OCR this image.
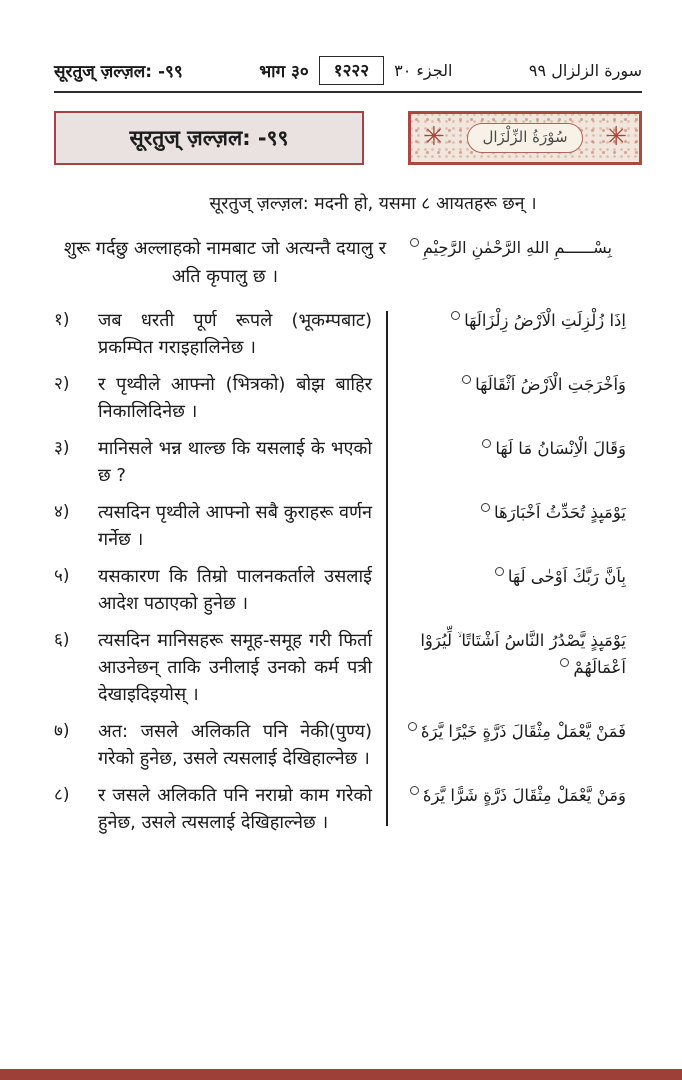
सूरतुज् ज़ल्ज़ल: -९९	भाग ३०	१२२२	الجزء ٣٠	سورة الزلزال ٩٩
सूरतुज् ज़ल्ज़ल: -९९	✳	سُوْرَةُ الزِّلْزَال	✳

सूरतुज् ज़ल्ज़ल: मदनी हो, यसमा ८ आयतहरू छन् ।

शुरू गर्दछु अल्लाहको नामबाट जो अत्यन्तै दयालु र अति कृपालु छ ।

بِسْــــــمِ اللهِ الرَّحْمٰنِ الرَّحِيْمِ

१)	जब धरती पूर्ण रूपले (भूकम्पबाट) प्रकम्पित गराइहालिनेछ ।

اِذَا زُلْزِلَتِ الْاَرْضُ زِلْزَالَهَا
२)	र पृथ्वीले आफ्नो (भित्रको) बोझ बाहिर निकालिदिनेछ ।

وَاَخْرَجَتِ الْاَرْضُ اَثْقَالَهَا
३)	मानिसले भन्न थाल्छ कि यसलाई के भएको छ ?

وَقَالَ الْاِنْسَانُ مَا لَهَا
४)	त्यसदिन पृथ्वीले आफ्नो सबै कुराहरू वर्णन गर्नेछ ।

يَوْمَىِٕذٍ تُحَدِّثُ اَخْبَارَهَا
५)	यसकारण कि तिम्रो पालनकर्ताले उसलाई आदेश पठाएको हुनेछ ।

بِاَنَّ رَبَّكَ اَوْحٰى لَهَا
६)	त्यसदिन मानिसहरू समूह-समूह गरी फिर्ता आउनेछन् ताकि उनीलाई उनको कर्म पत्री देखाइदिइयोस् ।

يَوْمَىِٕذٍ يَّصْدُرُ النَّاسُ اَشْتَاتًا ۙ لِّيُرَوْا اَعْمَالَهُمْ
७)	अत: जसले अलिकति पनि नेकी(पुण्य) गरेको हुनेछ, उसले त्यसलाई देखिहाल्नेछ ।

فَمَنْ يَّعْمَلْ مِثْقَالَ ذَرَّةٍ خَيْرًا يَّرَهٗ
८)	र जसले अलिकति पनि नराम्रो काम गरेको हुनेछ, उसले त्यसलाई देखिहाल्नेछ ।

وَمَنْ يَّعْمَلْ مِثْقَالَ ذَرَّةٍ شَرًّا يَّرَهٗ
